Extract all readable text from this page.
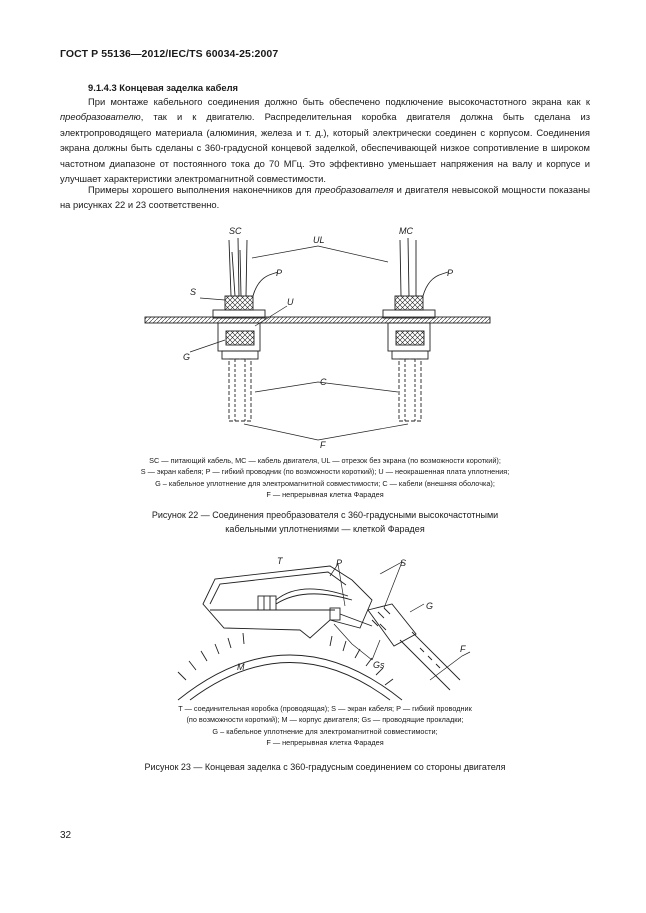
ГОСТ Р 55136—2012/IEC/TS 60034-25:2007
9.1.4.3 Концевая заделка кабеля

При монтаже кабельного соединения должно быть обеспечено подключение высокочастотного экрана как к преобразователю, так и к двигателю. Распределительная коробка двигателя должна быть сделана из электропроводящего материала (алюминия, железа и т. д.), который электрически соединен с корпусом. Соединения экрана должны быть сделаны с 360-градусной концевой заделкой, обеспечивающей низкое сопротивление в широком частотном диапазоне от постоянного тока до 70 МГц. Это эффективно уменьшает напряжения на валу и корпусе и улучшает характеристики электромагнитной совместимости.

Примеры хорошего выполнения наконечников для преобразователя и двигателя невысокой мощности показаны на рисунках 22 и 23 соответственно.

SC	MC
UL
P	P
S
U
G
C
F
SC — питающий кабель, MC — кабель двигателя, UL — отрезок без экрана (по возможности короткий);
S — экран кабеля; P — гибкий проводник (по возможности короткий); U — неокрашенная плата уплотнения;
G – кабельное уплотнение для электромагнитной совместимости; C — кабели (внешняя оболочка);
F — непрерывная клетка Фарадея
Рисунок 22 — Соединения преобразователя с 360-градусными высокочастотными
кабельными уплотнениями — клеткой Фарадея
T	P	S
G
F
Gs
M
T — соединительная коробка (проводящая); S — экран кабеля; P — гибкий проводник
(по возможности короткий); M — корпус двигателя; Gs — проводящие прокладки;
G – кабельное уплотнение для электромагнитной совместимости;
F — непрерывная клетка Фарадея
Рисунок 23 — Концевая заделка с 360-градусным соединением со стороны двигателя
32
